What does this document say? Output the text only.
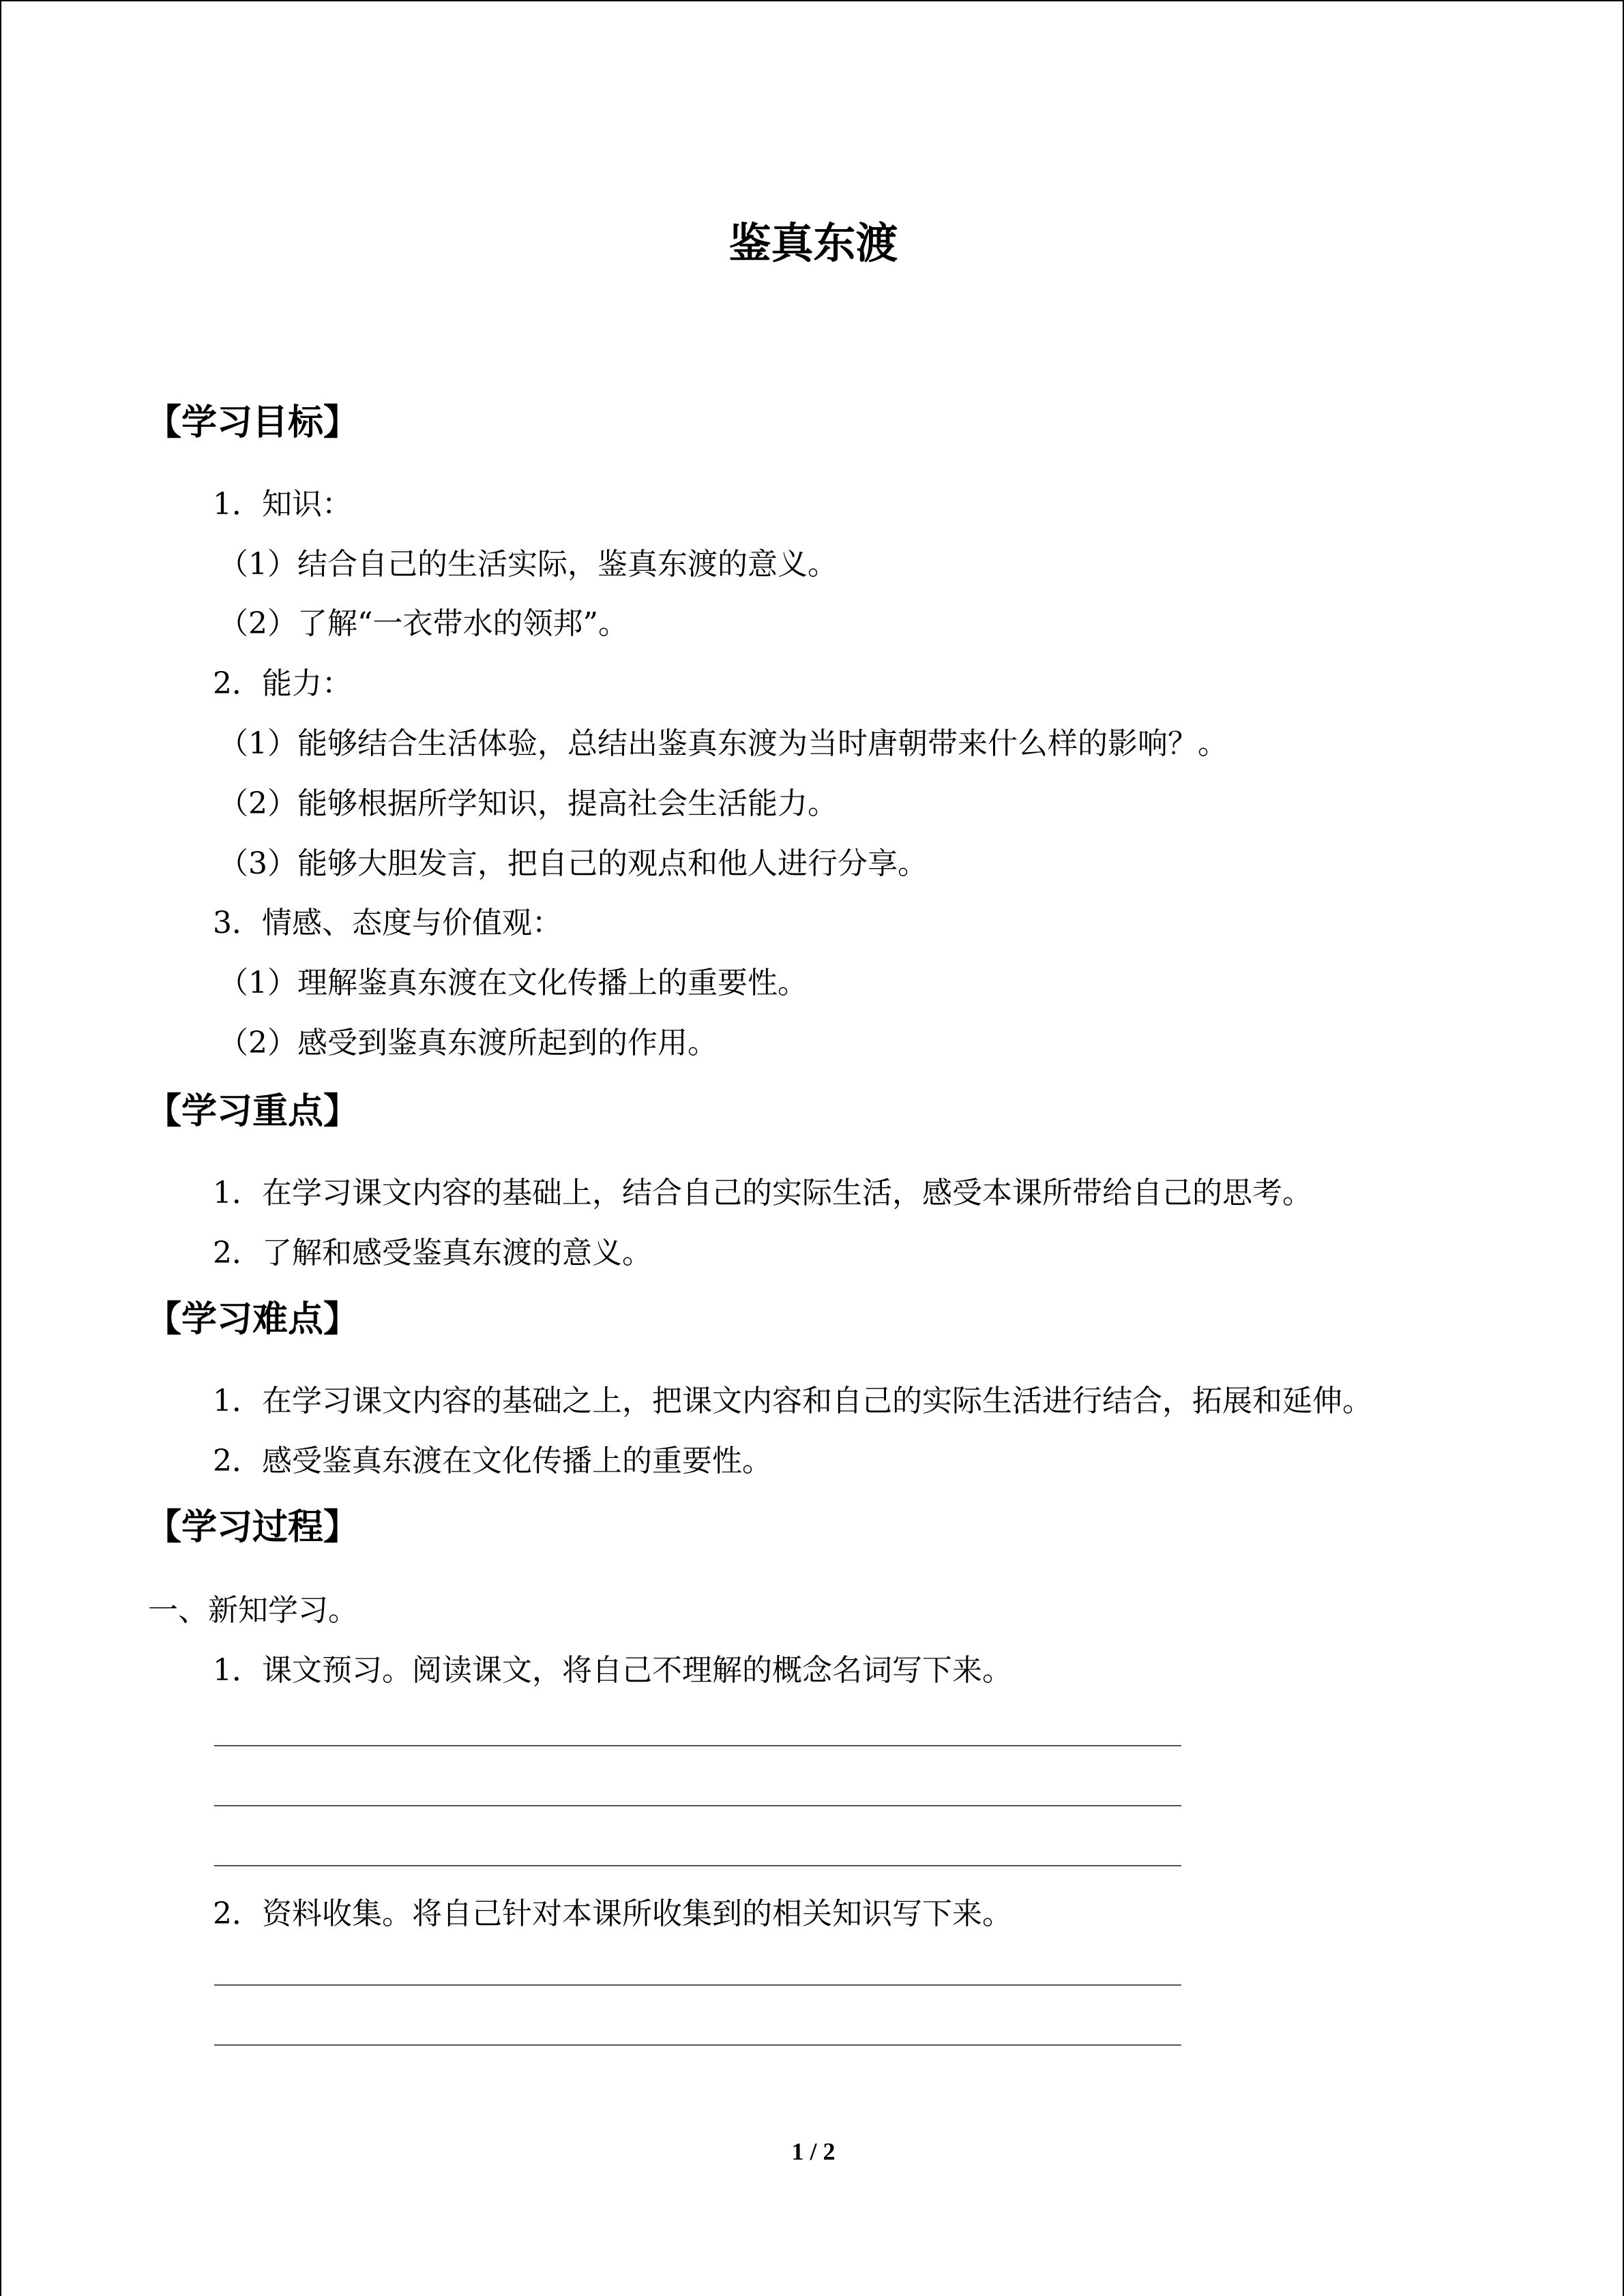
鉴真东渡
【学习目标】
1．知识：
（1）结合自己的生活实际，鉴真东渡的意义。
（2）了解“一衣带水的领邦”。
2．能力：
（1）能够结合生活体验，总结出鉴真东渡为当时唐朝带来什么样的影响？。
（2）能够根据所学知识，提高社会生活能力。
（3）能够大胆发言，把自己的观点和他人进行分享。
3．情感、态度与价值观：
（1）理解鉴真东渡在文化传播上的重要性。
（2）感受到鉴真东渡所起到的作用。
【学习重点】
1．在学习课文内容的基础上，结合自己的实际生活，感受本课所带给自己的思考。
2．了解和感受鉴真东渡的意义。
【学习难点】
1．在学习课文内容的基础之上，把课文内容和自己的实际生活进行结合，拓展和延伸。
2．感受鉴真东渡在文化传播上的重要性。
【学习过程】
一、新知学习。
1．课文预习。阅读课文，将自己不理解的概念名词写下来。
2．资料收集。将自己针对本课所收集到的相关知识写下来。
1 / 2
